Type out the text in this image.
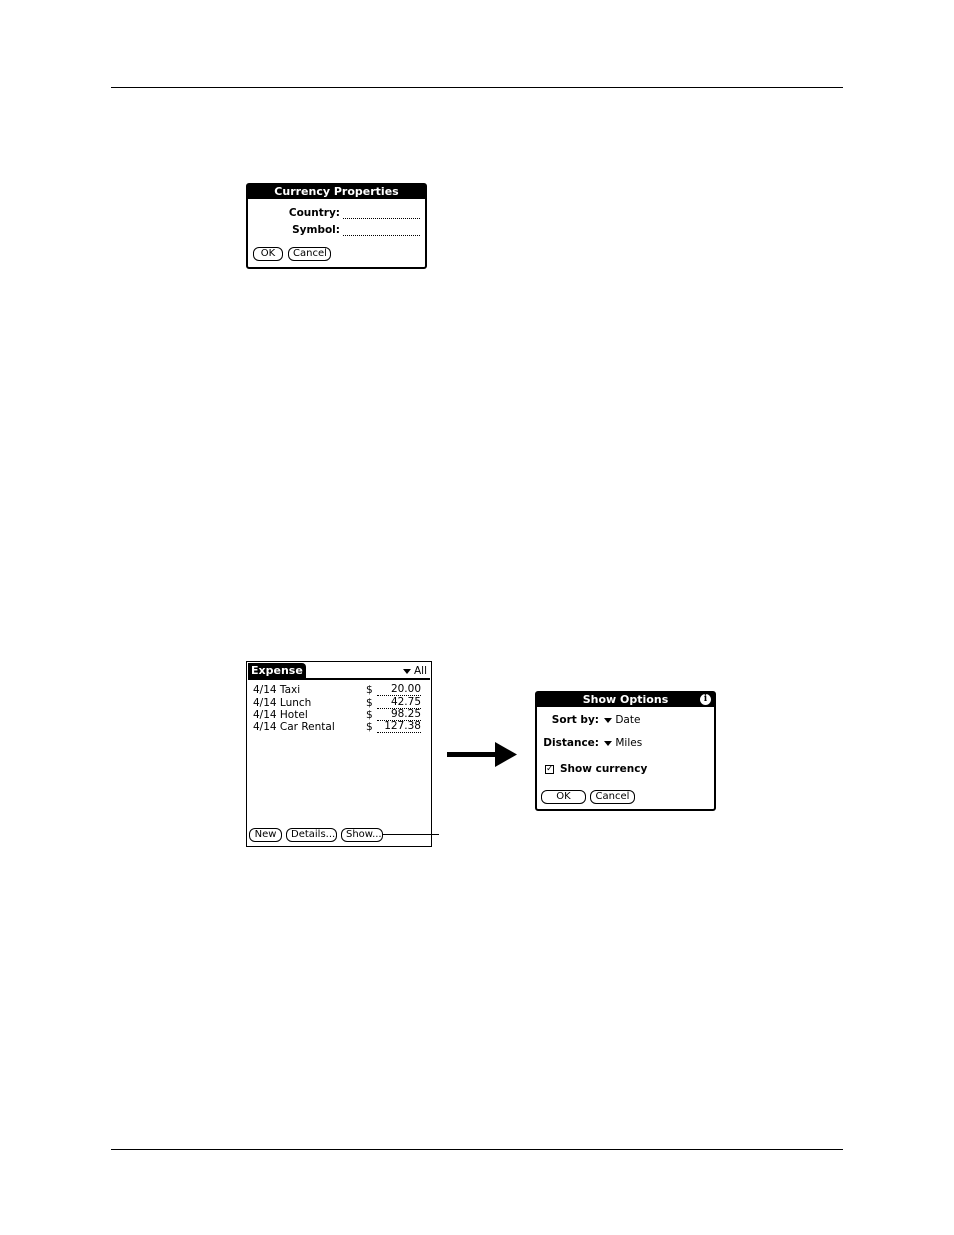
Currency Properties
Country:
Symbol:
OK	Cancel
Expense	All
4/14 Taxi	$	20.00
4/14 Lunch	$	42.75
4/14 Hotel	$	98.25
4/14 Car Rental	$	127.38
New	Details...	Show...
Show Options	i
Sort by:	Date
Distance:	Miles
✓ Show currency
OK	Cancel
